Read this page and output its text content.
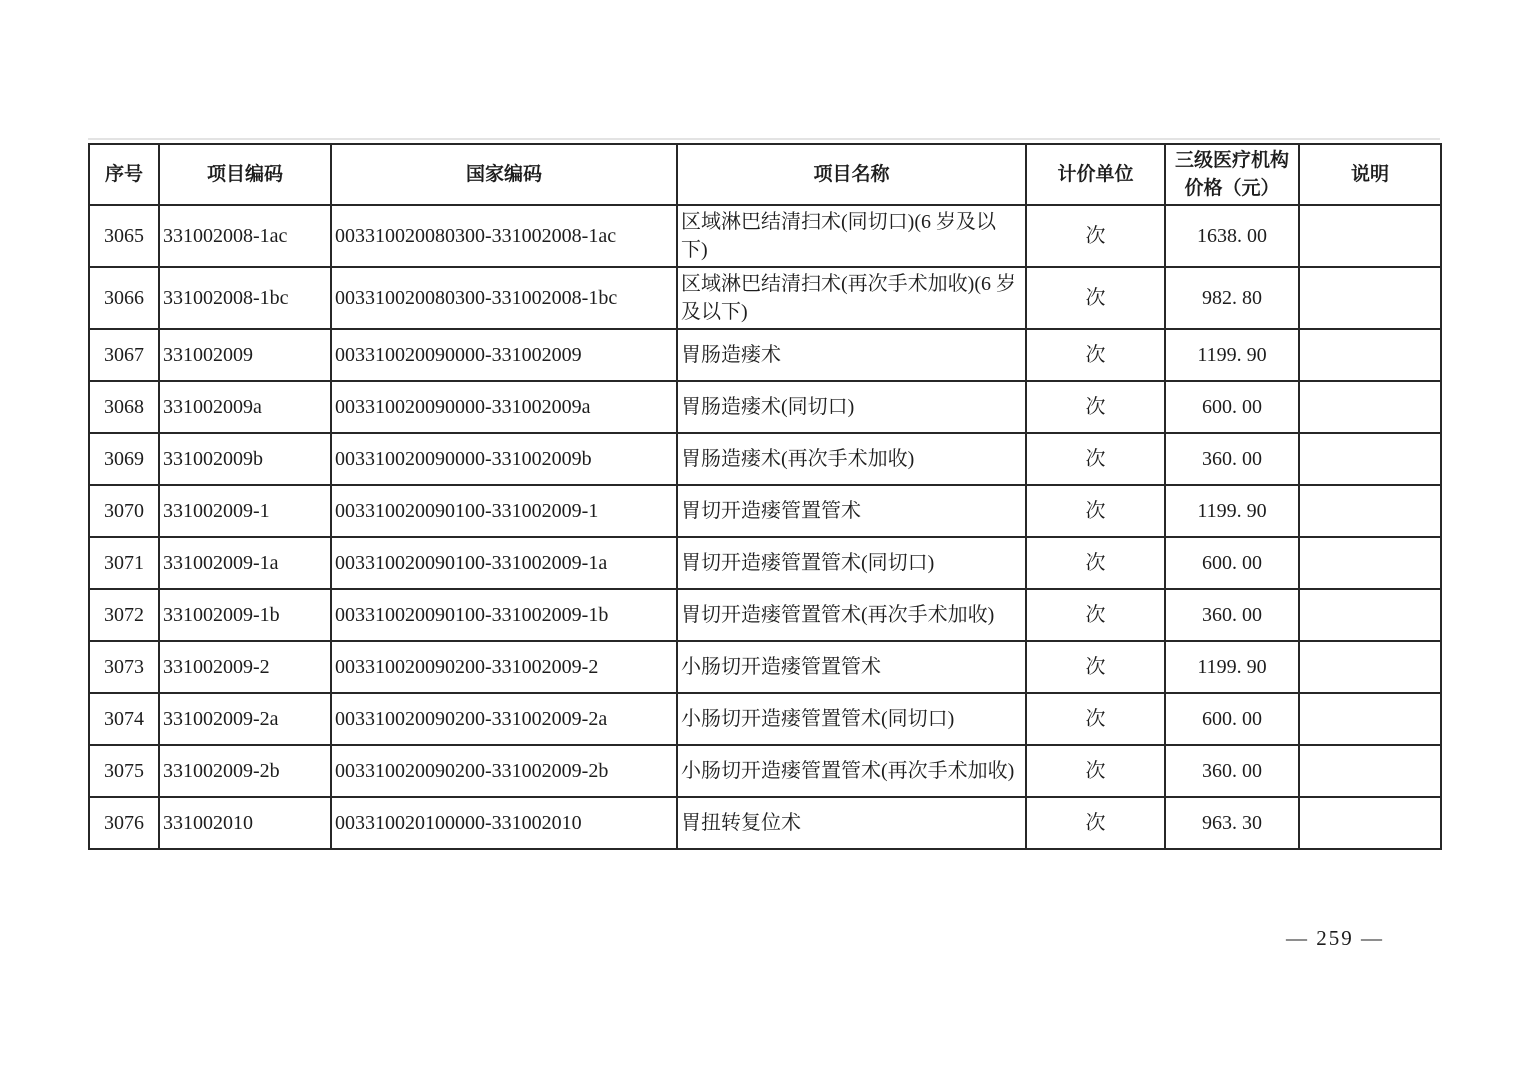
序号	项目编码	国家编码	项目名称	计价单位	三级医疗机构价格（元）	说明
3065	331002008-1ac	003310020080300-331002008-1ac	区域淋巴结清扫术(同切口)(6 岁及以下)	次	1638. 00	
3066	331002008-1bc	003310020080300-331002008-1bc	区域淋巴结清扫术(再次手术加收)(6 岁及以下)	次	982. 80	
3067	331002009	003310020090000-331002009	胃肠造瘘术	次	1199. 90	
3068	331002009a	003310020090000-331002009a	胃肠造瘘术(同切口)	次	600. 00	
3069	331002009b	003310020090000-331002009b	胃肠造瘘术(再次手术加收)	次	360. 00	
3070	331002009-1	003310020090100-331002009-1	胃切开造瘘管置管术	次	1199. 90	
3071	331002009-1a	003310020090100-331002009-1a	胃切开造瘘管置管术(同切口)	次	600. 00	
3072	331002009-1b	003310020090100-331002009-1b	胃切开造瘘管置管术(再次手术加收)	次	360. 00	
3073	331002009-2	003310020090200-331002009-2	小肠切开造瘘管置管术	次	1199. 90	
3074	331002009-2a	003310020090200-331002009-2a	小肠切开造瘘管置管术(同切口)	次	600. 00	
3075	331002009-2b	003310020090200-331002009-2b	小肠切开造瘘管置管术(再次手术加收)	次	360. 00	
3076	331002010	003310020100000-331002010	胃扭转复位术	次	963. 30	
— 259 —
